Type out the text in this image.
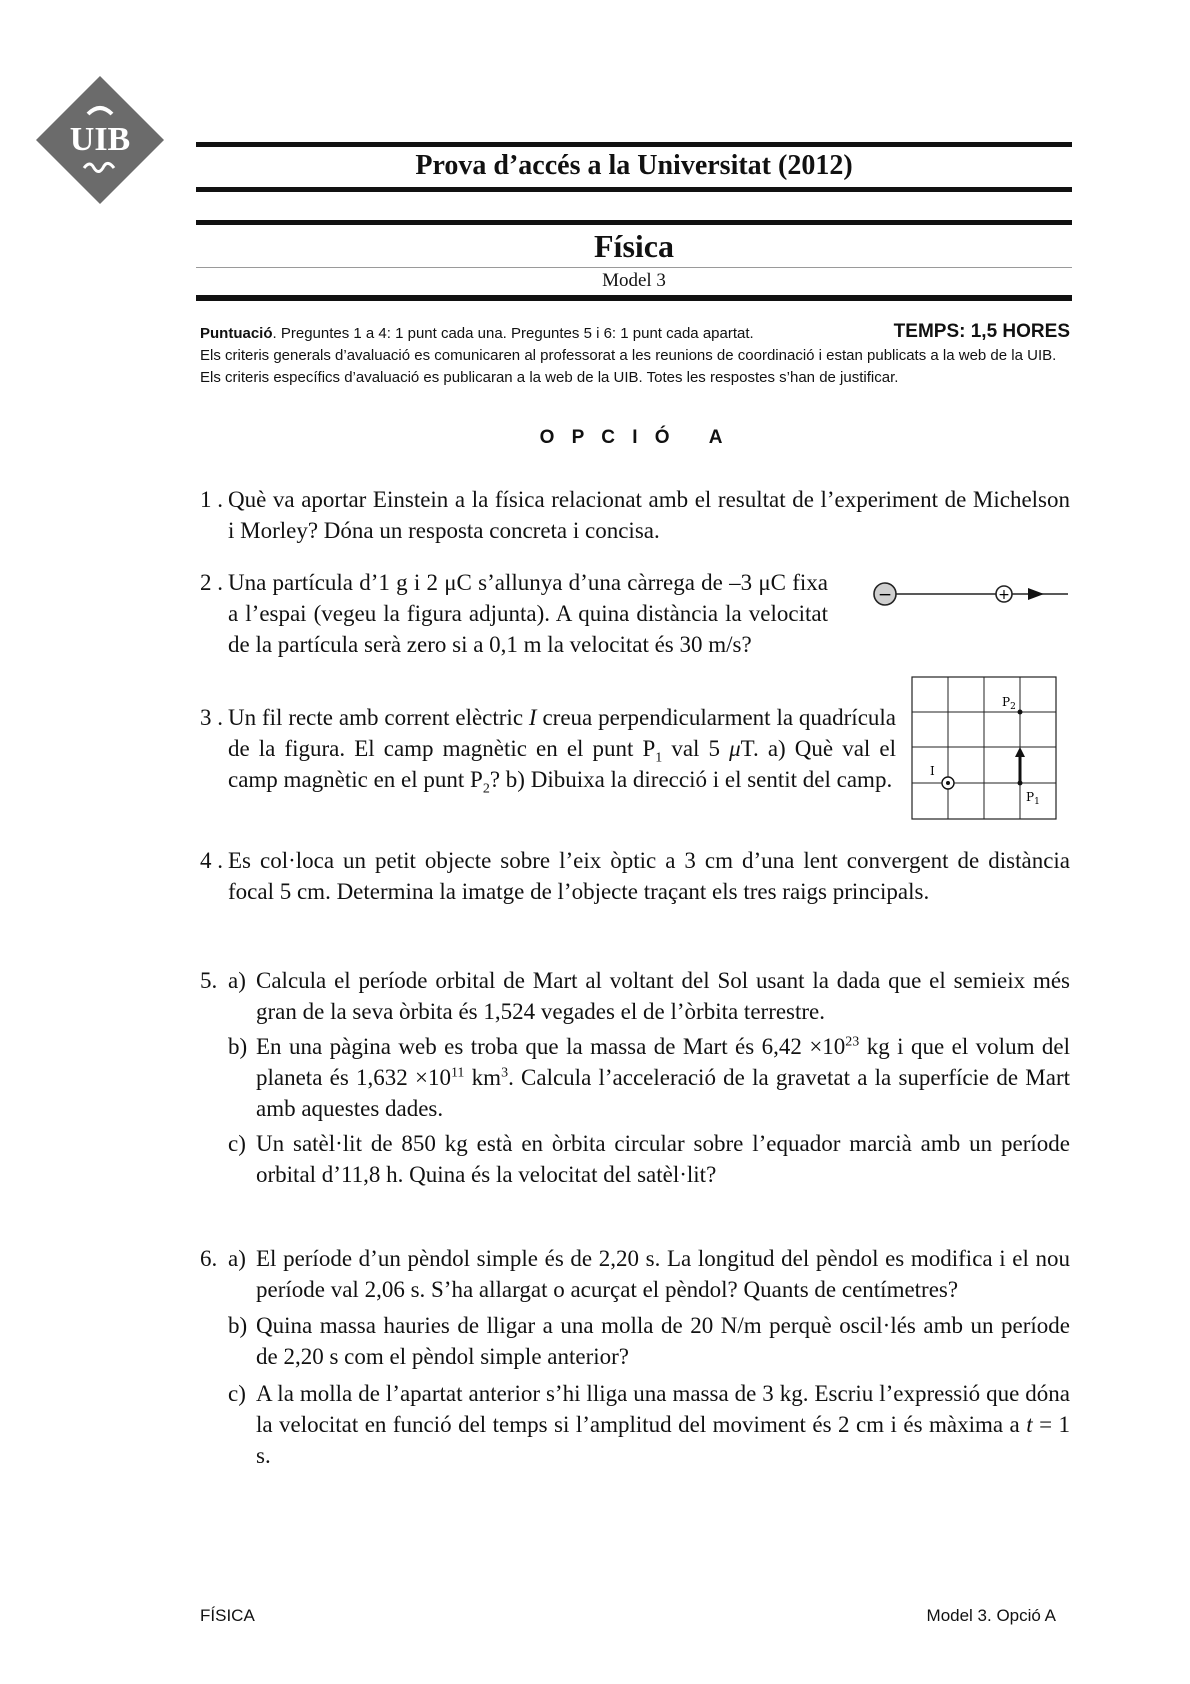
UIB
Prova d’accés a la Universitat (2012)
Física
Model 3
Puntuació. Preguntes 1 a 4: 1 punt cada una. Preguntes 5 i 6: 1 punt cada apartat.	TEMPS: 1,5 HORES
Els criteris generals d’avaluació es comunicaren al professorat a les reunions de coordinació i estan publicats a la web de la UIB. Els criteris específics d’avaluació es publicaran a la web de la UIB. Totes les respostes s’han de justificar.
O P C I Ó   A
1 . Què va aportar Einstein a la física relacionat amb el resultat de l’experiment de Michelson i Morley? Dóna un resposta concreta i concisa.
2 . Una partícula d’1 g i 2 μC s’allunya d’una càrrega de –3 μC fixa a l’espai (vegeu la figura adjunta). A quina distància la velocitat de la partícula serà zero si a 0,1 m la velocitat és 30 m/s?
−	+
3 . Un fil recte amb corrent elèctric I creua perpendicularment la quadrícula de la figura. El camp magnètic en el punt $P_1$ val 5 μT. a) Què val el camp magnètic en el punt $P_2$? b) Dibuixa la direcció i el sentit del camp.
$P_2$
$P_1$
I
4 . Es col·loca un petit objecte sobre l’eix òptic a 3 cm d’una lent convergent de distància focal 5 cm. Determina la imatge de l’objecte traçant els tres raigs principals.
5. a) Calcula el període orbital de Mart al voltant del Sol usant la dada que el semieix més gran de la seva òrbita és 1,524 vegades el de l’òrbita terrestre.
b) En una pàgina web es troba que la massa de Mart és $6,42 \times 10^{23}$ kg i que el volum del planeta és $1,632 \times 10^{11}$ $km^3$. Calcula l’acceleració de la gravetat a la superfície de Mart amb aquestes dades.
c) Un satèl·lit de 850 kg està en òrbita circular sobre l’equador marcià amb un període orbital d’11,8 h. Quina és la velocitat del satèl·lit?
6. a) El període d’un pèndol simple és de 2,20 s. La longitud del pèndol es modifica i el nou període val 2,06 s. S’ha allargat o acurçat el pèndol? Quants de centímetres?
b) Quina massa hauries de lligar a una molla de 20 N/m perquè oscil·lés amb un període de 2,20 s com el pèndol simple anterior?
c) A la molla de l’apartat anterior s’hi lliga una massa de 3 kg. Escriu l’expressió que dóna la velocitat en funció del temps si l’amplitud del moviment és 2 cm i és màxima a t = 1 s.
FÍSICA	Model 3. Opció A
